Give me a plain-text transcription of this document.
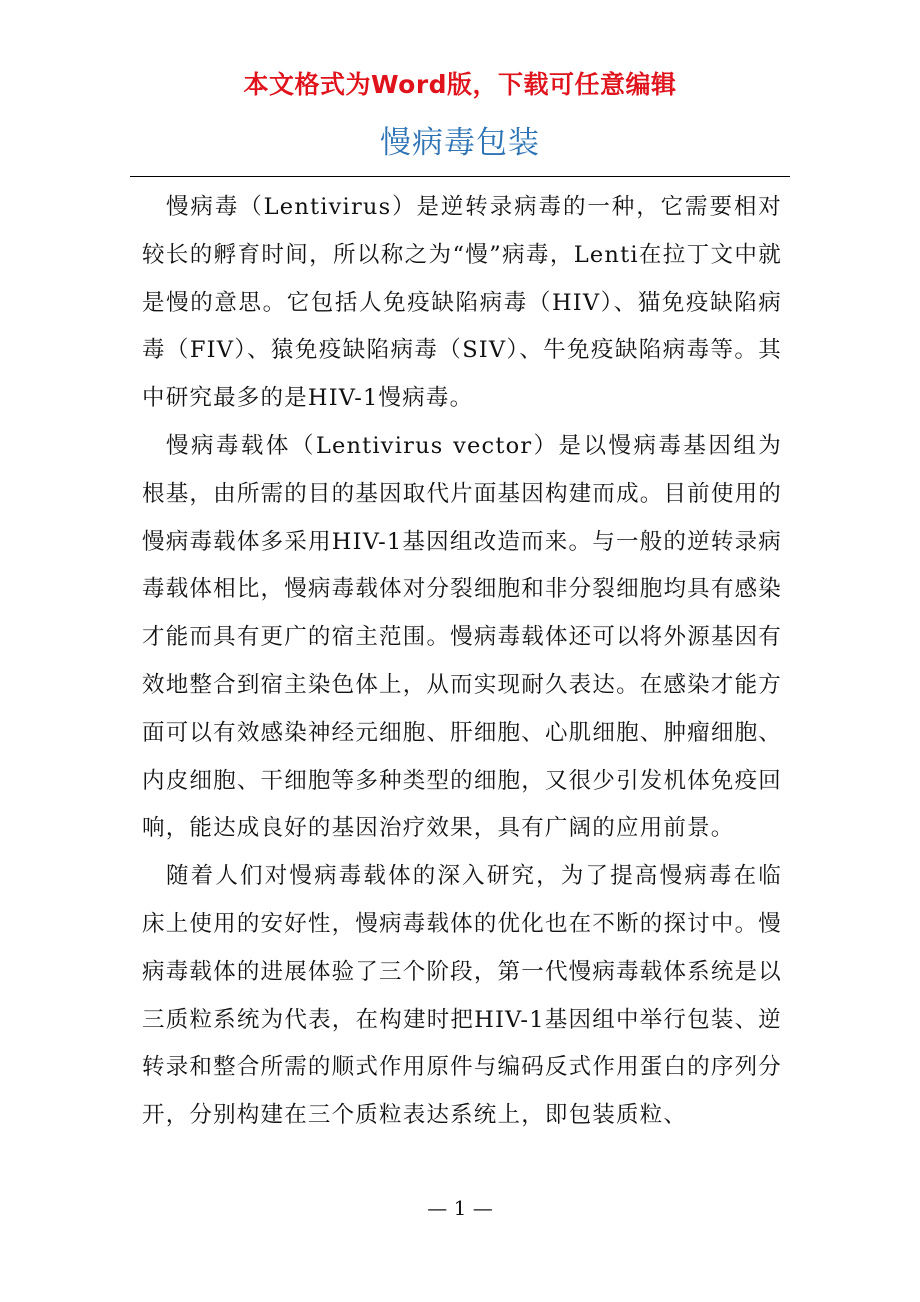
本文格式为Word版，下载可任意编辑
慢病毒包装

慢病毒（Lentivirus）是逆转录病毒的一种，它需要相对较长的孵育时间，所以称之为“慢”病毒，Lenti在拉丁文中就是慢的意思。它包括人免疫缺陷病毒（HIV）、猫免疫缺陷病毒（FIV）、猿免疫缺陷病毒（SIV）、牛免疫缺陷病毒等。其中研究最多的是HIV-1慢病毒。

慢病毒载体（Lentivirus vector）是以慢病毒基因组为根基，由所需的目的基因取代片面基因构建而成。目前使用的慢病毒载体多采用HIV-1基因组改造而来。与一般的逆转录病毒载体相比，慢病毒载体对分裂细胞和非分裂细胞均具有感染才能而具有更广的宿主范围。慢病毒载体还可以将外源基因有效地整合到宿主染色体上，从而实现耐久表达。在感染才能方面可以有效感染神经元细胞、肝细胞、心肌细胞、肿瘤细胞、内皮细胞、干细胞等多种类型的细胞，又很少引发机体免疫回响，能达成良好的基因治疗效果，具有广阔的应用前景。

随着人们对慢病毒载体的深入研究，为了提高慢病毒在临床上使用的安好性，慢病毒载体的优化也在不断的探讨中。慢病毒载体的进展体验了三个阶段，第一代慢病毒载体系统是以三质粒系统为代表，在构建时把HIV-1基因组中举行包装、逆转录和整合所需的顺式作用原件与编码反式作用蛋白的序列分开，分别构建在三个质粒表达系统上，即包装质粒、

— 1 —
